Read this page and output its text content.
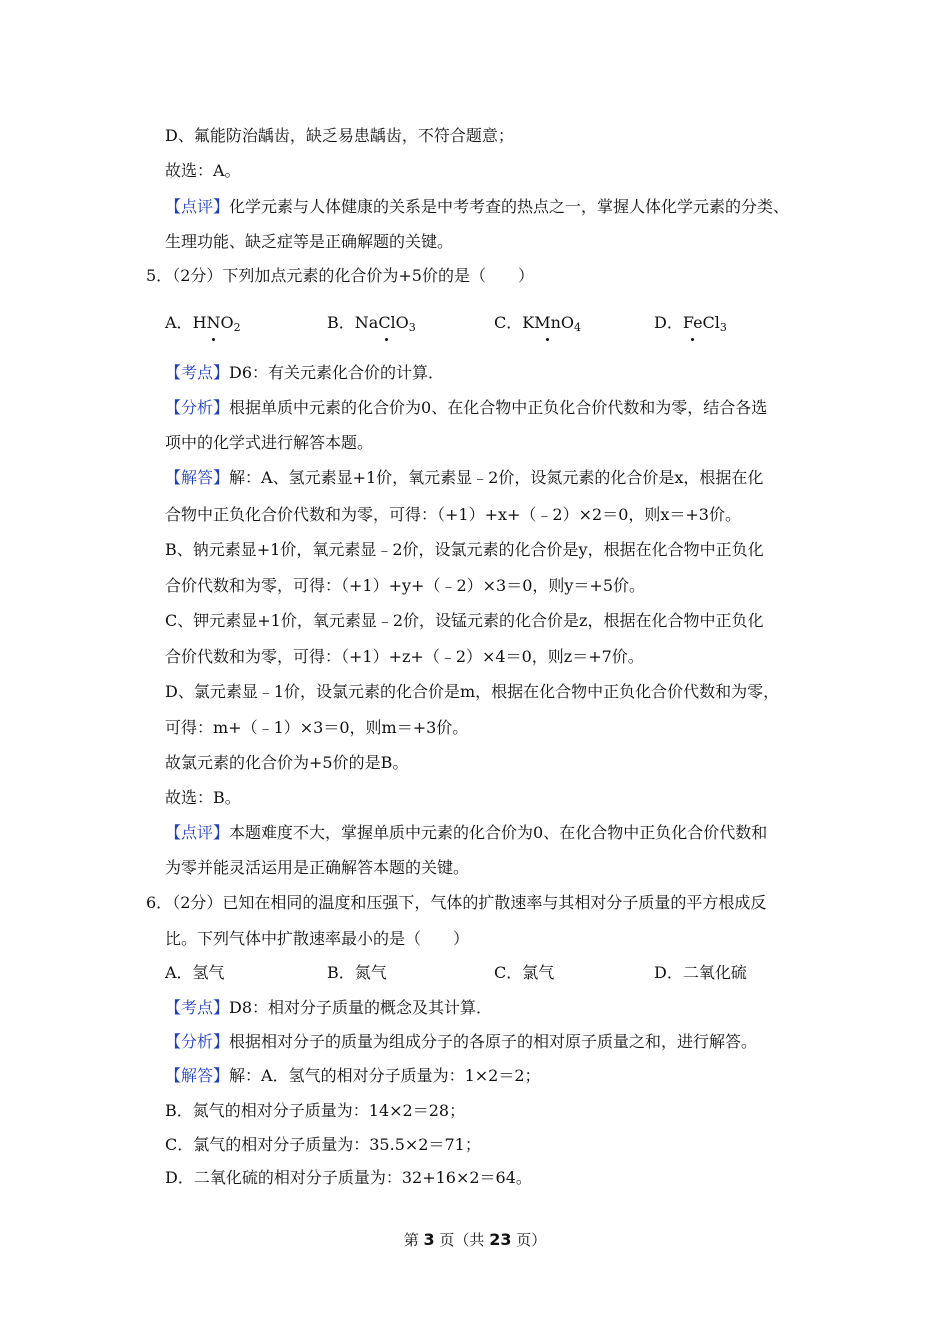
D、氟能防治龋齿，缺乏易患龋齿，不符合题意；
故选：A。
【点评】化学元素与人体健康的关系是中考考查的热点之一，掌握人体化学元素的分类、
生理功能、缺乏症等是正确解题的关键。
5．（2分）下列加点元素的化合价为+5价的是（　　）
A．$HNO_2$	B．NaClO$_3$	C．KMnO$_4$	D．FeCl$_3$
【考点】D6：有关元素化合价的计算．
【分析】根据单质中元素的化合价为0、在化合物中正负化合价代数和为零，结合各选
项中的化学式进行解答本题。
【解答】解：A、氢元素显+1价，氧元素显﹣2价，设氮元素的化合价是x，根据在化
合物中正负化合价代数和为零，可得：（+1）+x+（﹣2）×2＝0，则x＝+3价。
B、钠元素显+1价，氧元素显﹣2价，设氯元素的化合价是y，根据在化合物中正负化
合价代数和为零，可得：（+1）+y+（﹣2）×3＝0，则y＝+5价。
C、钾元素显+1价，氧元素显﹣2价，设锰元素的化合价是z，根据在化合物中正负化
合价代数和为零，可得：（+1）+z+（﹣2）×4＝0，则z＝+7价。
D、氯元素显﹣1价，设氯元素的化合价是m，根据在化合物中正负化合价代数和为零，
可得：m+（﹣1）×3＝0，则m＝+3价。
故氯元素的化合价为+5价的是B。
故选：B。
【点评】本题难度不大，掌握单质中元素的化合价为0、在化合物中正负化合价代数和
为零并能灵活运用是正确解答本题的关键。
6．（2分）已知在相同的温度和压强下，气体的扩散速率与其相对分子质量的平方根成反
比。下列气体中扩散速率最小的是（　　）
A．氢气	B．氮气	C．氯气	D．二氧化硫
【考点】D8：相对分子质量的概念及其计算．
【分析】根据相对分子的质量为组成分子的各原子的相对原子质量之和，进行解答。
【解答】解：A．氢气的相对分子质量为：1×2＝2；
B．氮气的相对分子质量为：14×2＝28；
C．氯气的相对分子质量为：35.5×2＝71；
D．二氧化硫的相对分子质量为：32+16×2＝64。
第 3 页（共 23 页）
